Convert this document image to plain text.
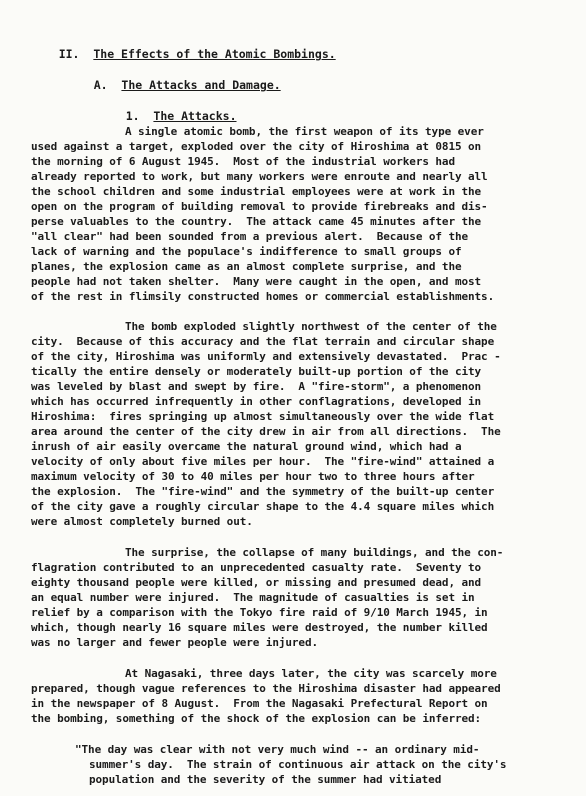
II. The Effects of the Atomic Bombings.

A. The Attacks and Damage.

1. The Attacks.

A single atomic bomb, the first weapon of its type ever
used against a target, exploded over the city of Hiroshima at 0815 on
the morning of 6 August 1945.  Most of the industrial workers had
already reported to work, but many workers were enroute and nearly all
the school children and some industrial employees were at work in the
open on the program of building removal to provide firebreaks and dis-
perse valuables to the country.  The attack came 45 minutes after the
"all clear" had been sounded from a previous alert.  Because of the
lack of warning and the populace's indifference to small groups of
planes, the explosion came as an almost complete surprise, and the
people had not taken shelter.  Many were caught in the open, and most
of the rest in flimsily constructed homes or commercial establishments.
The bomb exploded slightly northwest of the center of the
city.  Because of this accuracy and the flat terrain and circular shape
of the city, Hiroshima was uniformly and extensively devastated.  Prac -
tically the entire densely or moderately built-up portion of the city
was leveled by blast and swept by fire.  A "fire-storm", a phenomenon
which has occurred infrequently in other conflagrations, developed in
Hiroshima:  fires springing up almost simultaneously over the wide flat
area around the center of the city drew in air from all directions.  The
inrush of air easily overcame the natural ground wind, which had a
velocity of only about five miles per hour.  The "fire-wind" attained a
maximum velocity of 30 to 40 miles per hour two to three hours after
the explosion.  The "fire-wind" and the symmetry of the built-up center
of the city gave a roughly circular shape to the 4.4 square miles which
were almost completely burned out.
The surprise, the collapse of many buildings, and the con-
flagration contributed to an unprecedented casualty rate.  Seventy to
eighty thousand people were killed, or missing and presumed dead, and
an equal number were injured.  The magnitude of casualties is set in
relief by a comparison with the Tokyo fire raid of 9/10 March 1945, in
which, though nearly 16 square miles were destroyed, the number killed
was no larger and fewer people were injured.
At Nagasaki, three days later, the city was scarcely more
prepared, though vague references to the Hiroshima disaster had appeared
in the newspaper of 8 August.  From the Nagasaki Prefectural Report on
the bombing, something of the shock of the explosion can be inferred:
"The day was clear with not very much wind -- an ordinary mid-
summer's day.  The strain of continuous air attack on the city's
population and the severity of the summer had vitiated
